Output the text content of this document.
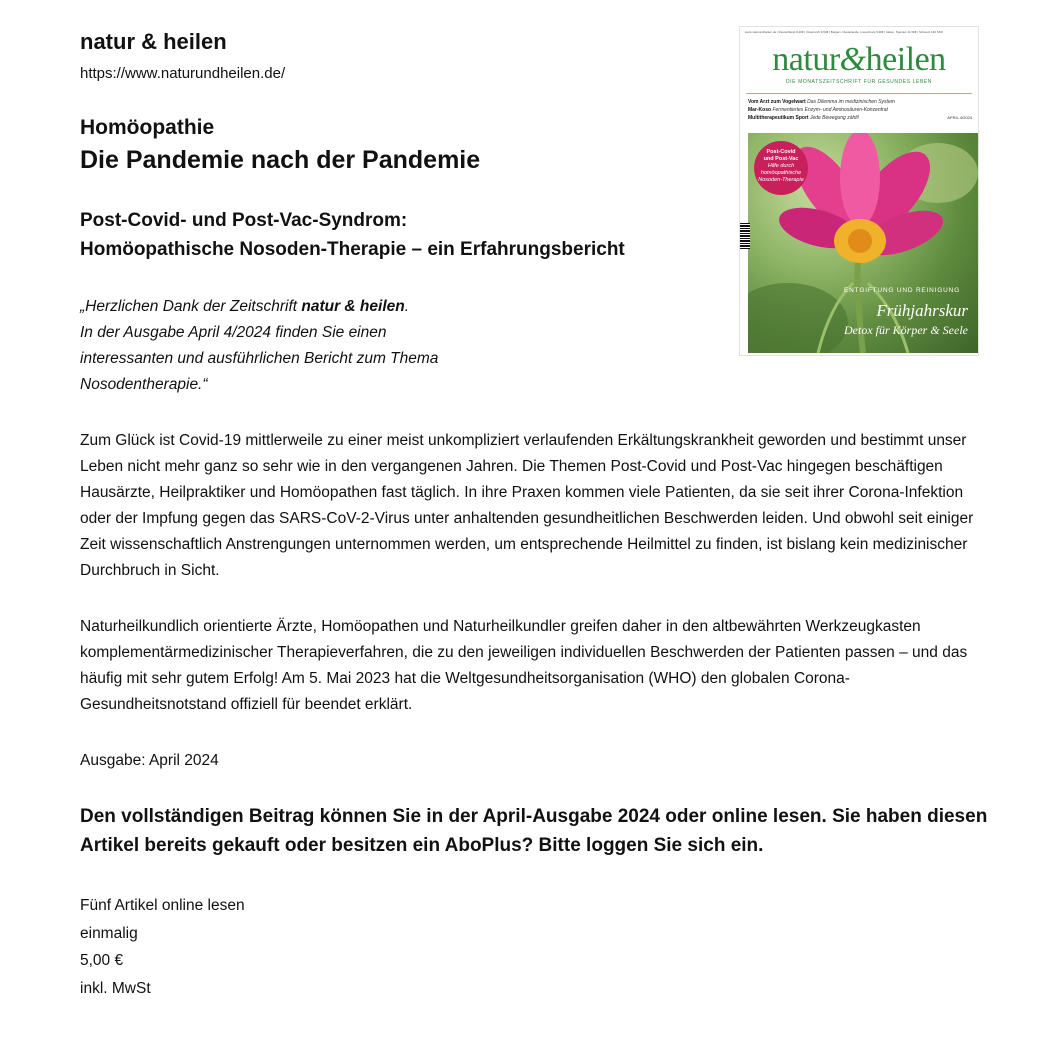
natur & heilen
https://www.naturundheilen.de/
Homöopathie
Die Pandemie nach der Pandemie
Post-Covid- und Post-Vac-Syndrom:
Homöopathische Nosoden-Therapie – ein Erfahrungsbericht
„Herzlichen Dank der Zeitschrift natur & heilen.
In der Ausgabe April 4/2024 finden Sie einen
interessanten und ausführlichen Bericht zum Thema
Nosodentherapie.“

Zum Glück ist Covid-19 mittlerweile zu einer meist unkompliziert verlaufenden Erkältungskrankheit geworden und bestimmt unser Leben nicht mehr ganz so sehr wie in den vergangenen Jahren. Die Themen Post-Covid und Post-Vac hingegen beschäftigen Hausärzte, Heilpraktiker und Homöopathen fast täglich. In ihre Praxen kommen viele Patienten, da sie seit ihrer Corona-Infektion oder der Impfung gegen das SARS-CoV-2-Virus unter anhaltenden gesundheitlichen Beschwerden leiden. Und obwohl seit einiger Zeit wissenschaftlich Anstrengungen unternommen werden, um entsprechende Heilmittel zu finden, ist bislang kein medizinischer Durchbruch in Sicht.

Naturheilkundlich orientierte Ärzte, Homöopathen und Naturheilkundler greifen daher in den altbewährten Werkzeugkasten komplementärmedizinischer Therapieverfahren, die zu den jeweiligen individuellen Beschwerden der Patienten passen – und das häufig mit sehr gutem Erfolg! Am 5. Mai 2023 hat die Weltgesundheitsorganisation (WHO) den globalen Corona-Gesundheitsnotstand offiziell für beendet erklärt.

Ausgabe: April 2024
Den vollständigen Beitrag können Sie in der April-Ausgabe 2024 oder online lesen. Sie haben diesen Artikel bereits gekauft oder besitzen ein AboPlus? Bitte loggen Sie sich ein.
Fünf Artikel online lesen
einmalig
5,00 €
inkl. MwSt
www.naturundheilen.de | Deutschland 9,20€ | Österreich 9,50€ | Belgien, Niederlande, Luxemburg 9,90€ | Italien, Spanien 11,50€ | Schweiz 14€ SFR
natur&heilen
DIE MONATSZEITSCHRIFT FÜR GESUNDES LEBEN
Vom Arzt zum Vogelwart Das Dilemma im medizinischen System
Mar-Koso Fermentiertes Enzym- und Aminosäuren-Konzentrat
Multitherapeutikum Sport Jede Bewegung zählt!	APRIL 4/2024
Post-Covid
und Post-Vac
Hilfe durch homöopathische Nosoden-Therapie
ENTGIFTUNG UND REINIGUNG
Frühjahrskur
Detox für Körper & Seele
